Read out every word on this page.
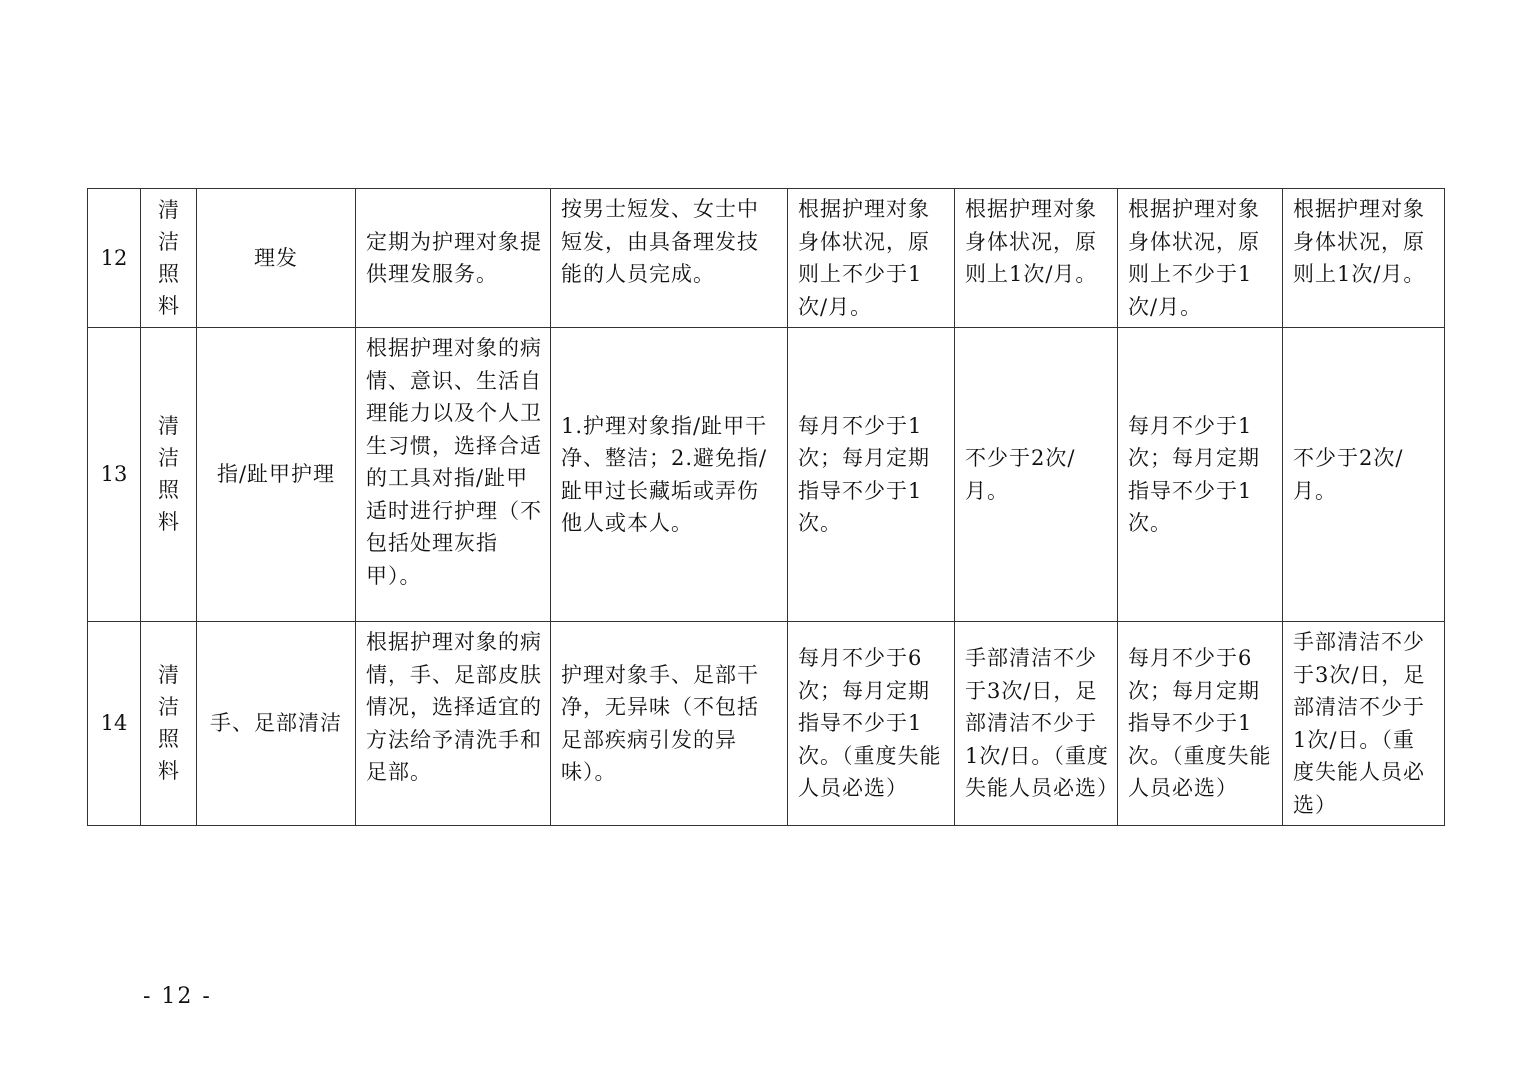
12	清洁照料	理发	定期为护理对象提供理发服务。	按男士短发、女士中短发，由具备理发技能的人员完成。	根据护理对象身体状况，原则上不少于1次/月。	根据护理对象身体状况，原则上1次/月。	根据护理对象身体状况，原则上不少于1次/月。	根据护理对象身体状况，原则上1次/月。
13	清洁照料	指/趾甲护理	根据护理对象的病情、意识、生活自理能力以及个人卫生习惯，选择合适的工具对指/趾甲适时进行护理（不包括处理灰指甲）。	1.护理对象指/趾甲干净、整洁；2.避免指/趾甲过长藏垢或弄伤他人或本人。	每月不少于1次；每月定期指导不少于1次。	不少于2次/月。	每月不少于1次；每月定期指导不少于1次。	不少于2次/月。
14	清洁照料	手、足部清洁	根据护理对象的病情，手、足部皮肤情况，选择适宜的方法给予清洗手和足部。	护理对象手、足部干净，无异味（不包括足部疾病引发的异味）。	每月不少于6次；每月定期指导不少于1次。（重度失能人员必选）	手部清洁不少于3次/日，足部清洁不少于1次/日。（重度失能人员必选）	每月不少于6次；每月定期指导不少于1次。（重度失能人员必选）	手部清洁不少于3次/日，足部清洁不少于1次/日。（重度失能人员必选）
- 12 -
